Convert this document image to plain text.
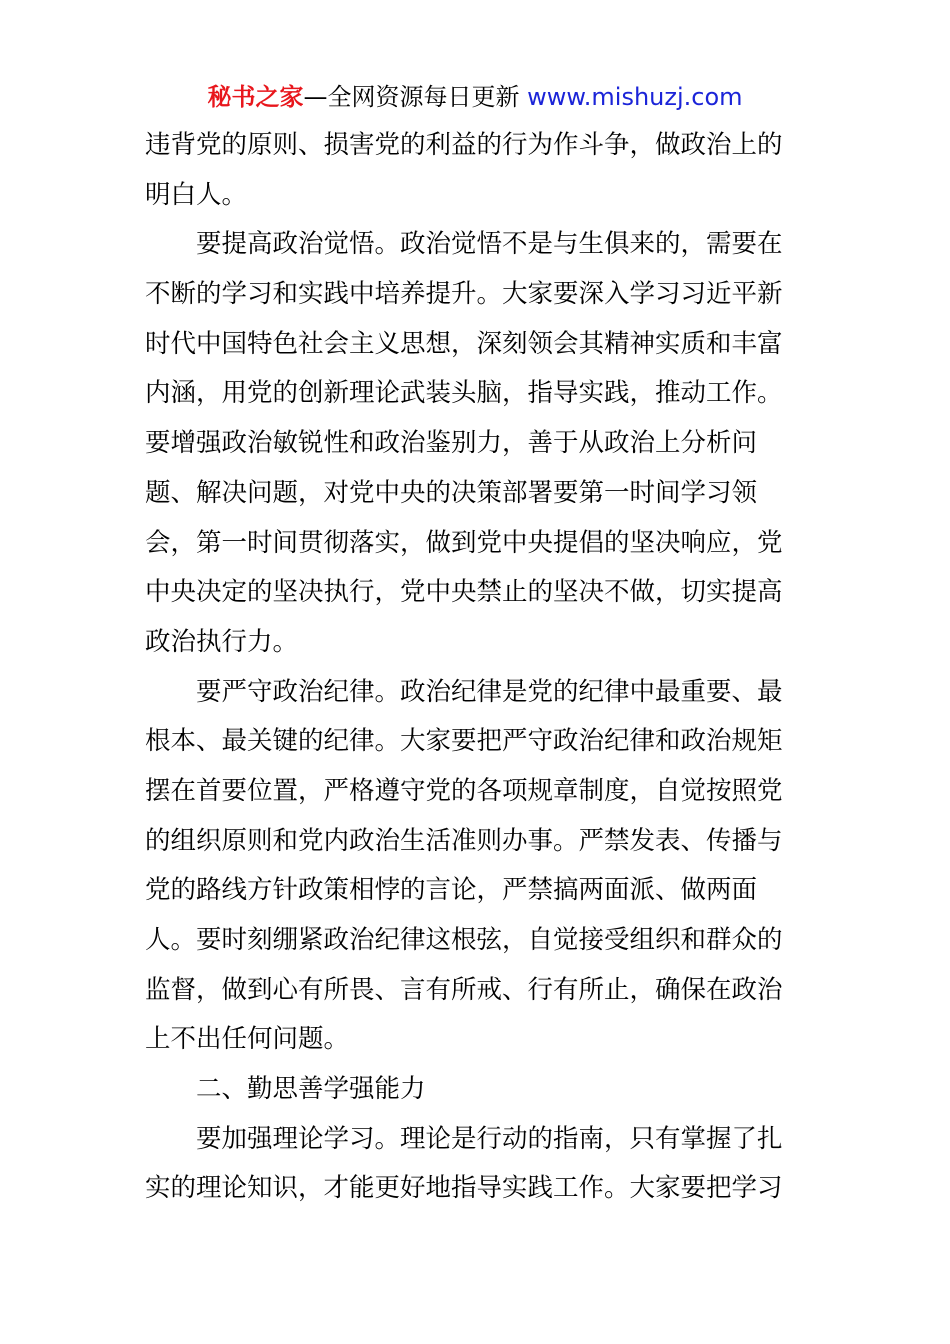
秘书之家—全网资源每日更新 www.mishuzj.com
违背党的原则、损害党的利益的行为作斗争，做政治上的
明白人。
要提高政治觉悟。政治觉悟不是与生俱来的，需要在
不断的学习和实践中培养提升。大家要深入学习习近平新
时代中国特色社会主义思想，深刻领会其精神实质和丰富
内涵，用党的创新理论武装头脑，指导实践，推动工作。
要增强政治敏锐性和政治鉴别力，善于从政治上分析问
题、解决问题，对党中央的决策部署要第一时间学习领
会，第一时间贯彻落实，做到党中央提倡的坚决响应，党
中央决定的坚决执行，党中央禁止的坚决不做，切实提高
政治执行力。
要严守政治纪律。政治纪律是党的纪律中最重要、最
根本、最关键的纪律。大家要把严守政治纪律和政治规矩
摆在首要位置，严格遵守党的各项规章制度，自觉按照党
的组织原则和党内政治生活准则办事。严禁发表、传播与
党的路线方针政策相悖的言论，严禁搞两面派、做两面
人。要时刻绷紧政治纪律这根弦，自觉接受组织和群众的
监督，做到心有所畏、言有所戒、行有所止，确保在政治
上不出任何问题。
二、勤思善学强能力
要加强理论学习。理论是行动的指南，只有掌握了扎
实的理论知识，才能更好地指导实践工作。大家要把学习
